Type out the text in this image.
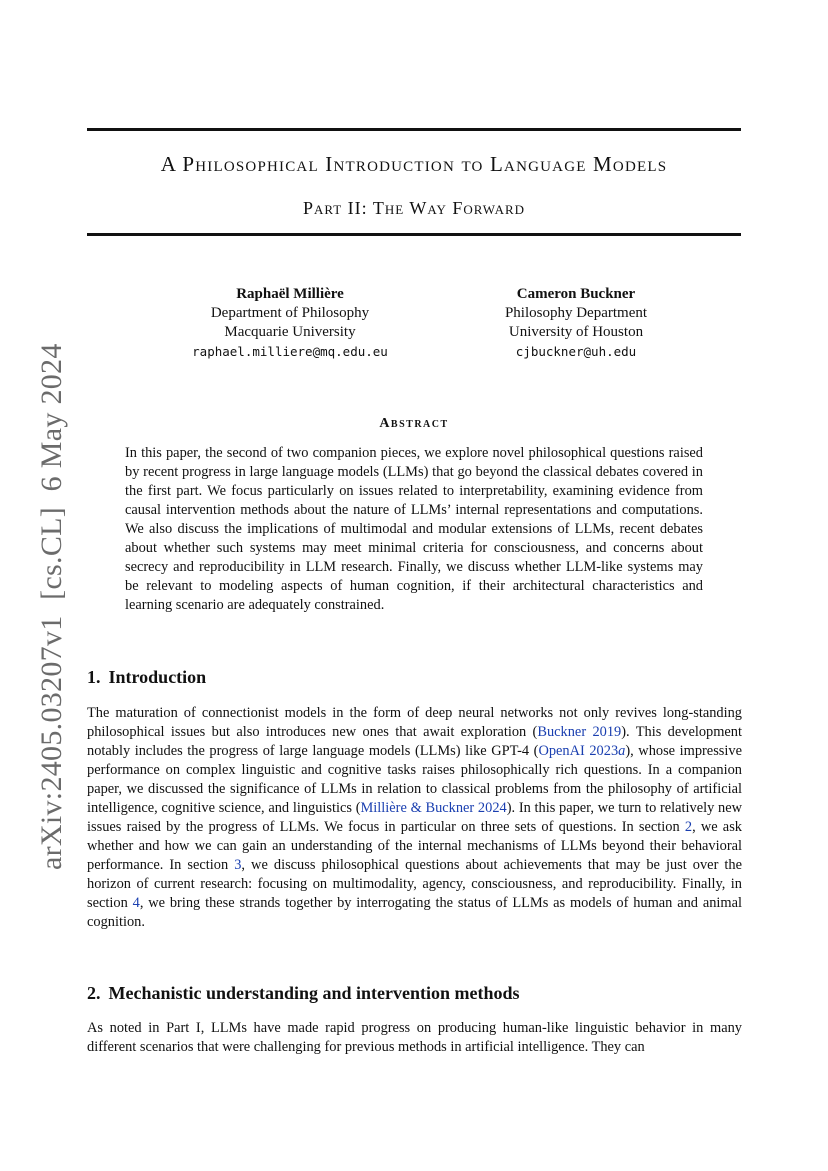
arXiv:2405.03207v1  [cs.CL]  6 May 2024
A Philosophical Introduction to Language Models
Part II: The Way Forward
Raphaël Millière
Department of Philosophy
Macquarie University
raphael.milliere@mq.edu.eu
Cameron Buckner
Philosophy Department
University of Houston
cjbuckner@uh.edu
Abstract
In this paper, the second of two companion pieces, we explore novel philosophical questions raised by recent progress in large language models (LLMs) that go beyond the classical debates covered in the first part. We focus particularly on issues related to interpretability, examining evidence from causal intervention methods about the nature of LLMs’ internal representations and computations. We also discuss the implications of multimodal and modular extensions of LLMs, recent debates about whether such systems may meet minimal criteria for consciousness, and concerns about secrecy and reproducibility in LLM research. Finally, we discuss whether LLM-like systems may be relevant to modeling aspects of human cognition, if their architectural characteristics and learning scenario are adequately constrained.
1. Introduction
The maturation of connectionist models in the form of deep neural networks not only revives long-standing philosophical issues but also introduces new ones that await exploration (Buckner 2019). This development notably includes the progress of large language models (LLMs) like GPT-4 (OpenAI 2023a), whose impressive performance on complex linguistic and cognitive tasks raises philosophically rich questions. In a companion paper, we discussed the significance of LLMs in relation to classical problems from the philosophy of artificial intelligence, cognitive science, and linguistics (Millière & Buckner 2024). In this paper, we turn to relatively new issues raised by the progress of LLMs. We focus in particular on three sets of questions. In section 2, we ask whether and how we can gain an understanding of the internal mechanisms of LLMs beyond their behavioral performance. In section 3, we discuss philosophical questions about achievements that may be just over the horizon of current research: focusing on multimodality, agency, consciousness, and reproducibility. Finally, in section 4, we bring these strands together by interrogating the status of LLMs as models of human and animal cognition.
2. Mechanistic understanding and intervention methods
As noted in Part I, LLMs have made rapid progress on producing human-like linguistic behavior in many different scenarios that were challenging for previous methods in artificial intelligence. They can
